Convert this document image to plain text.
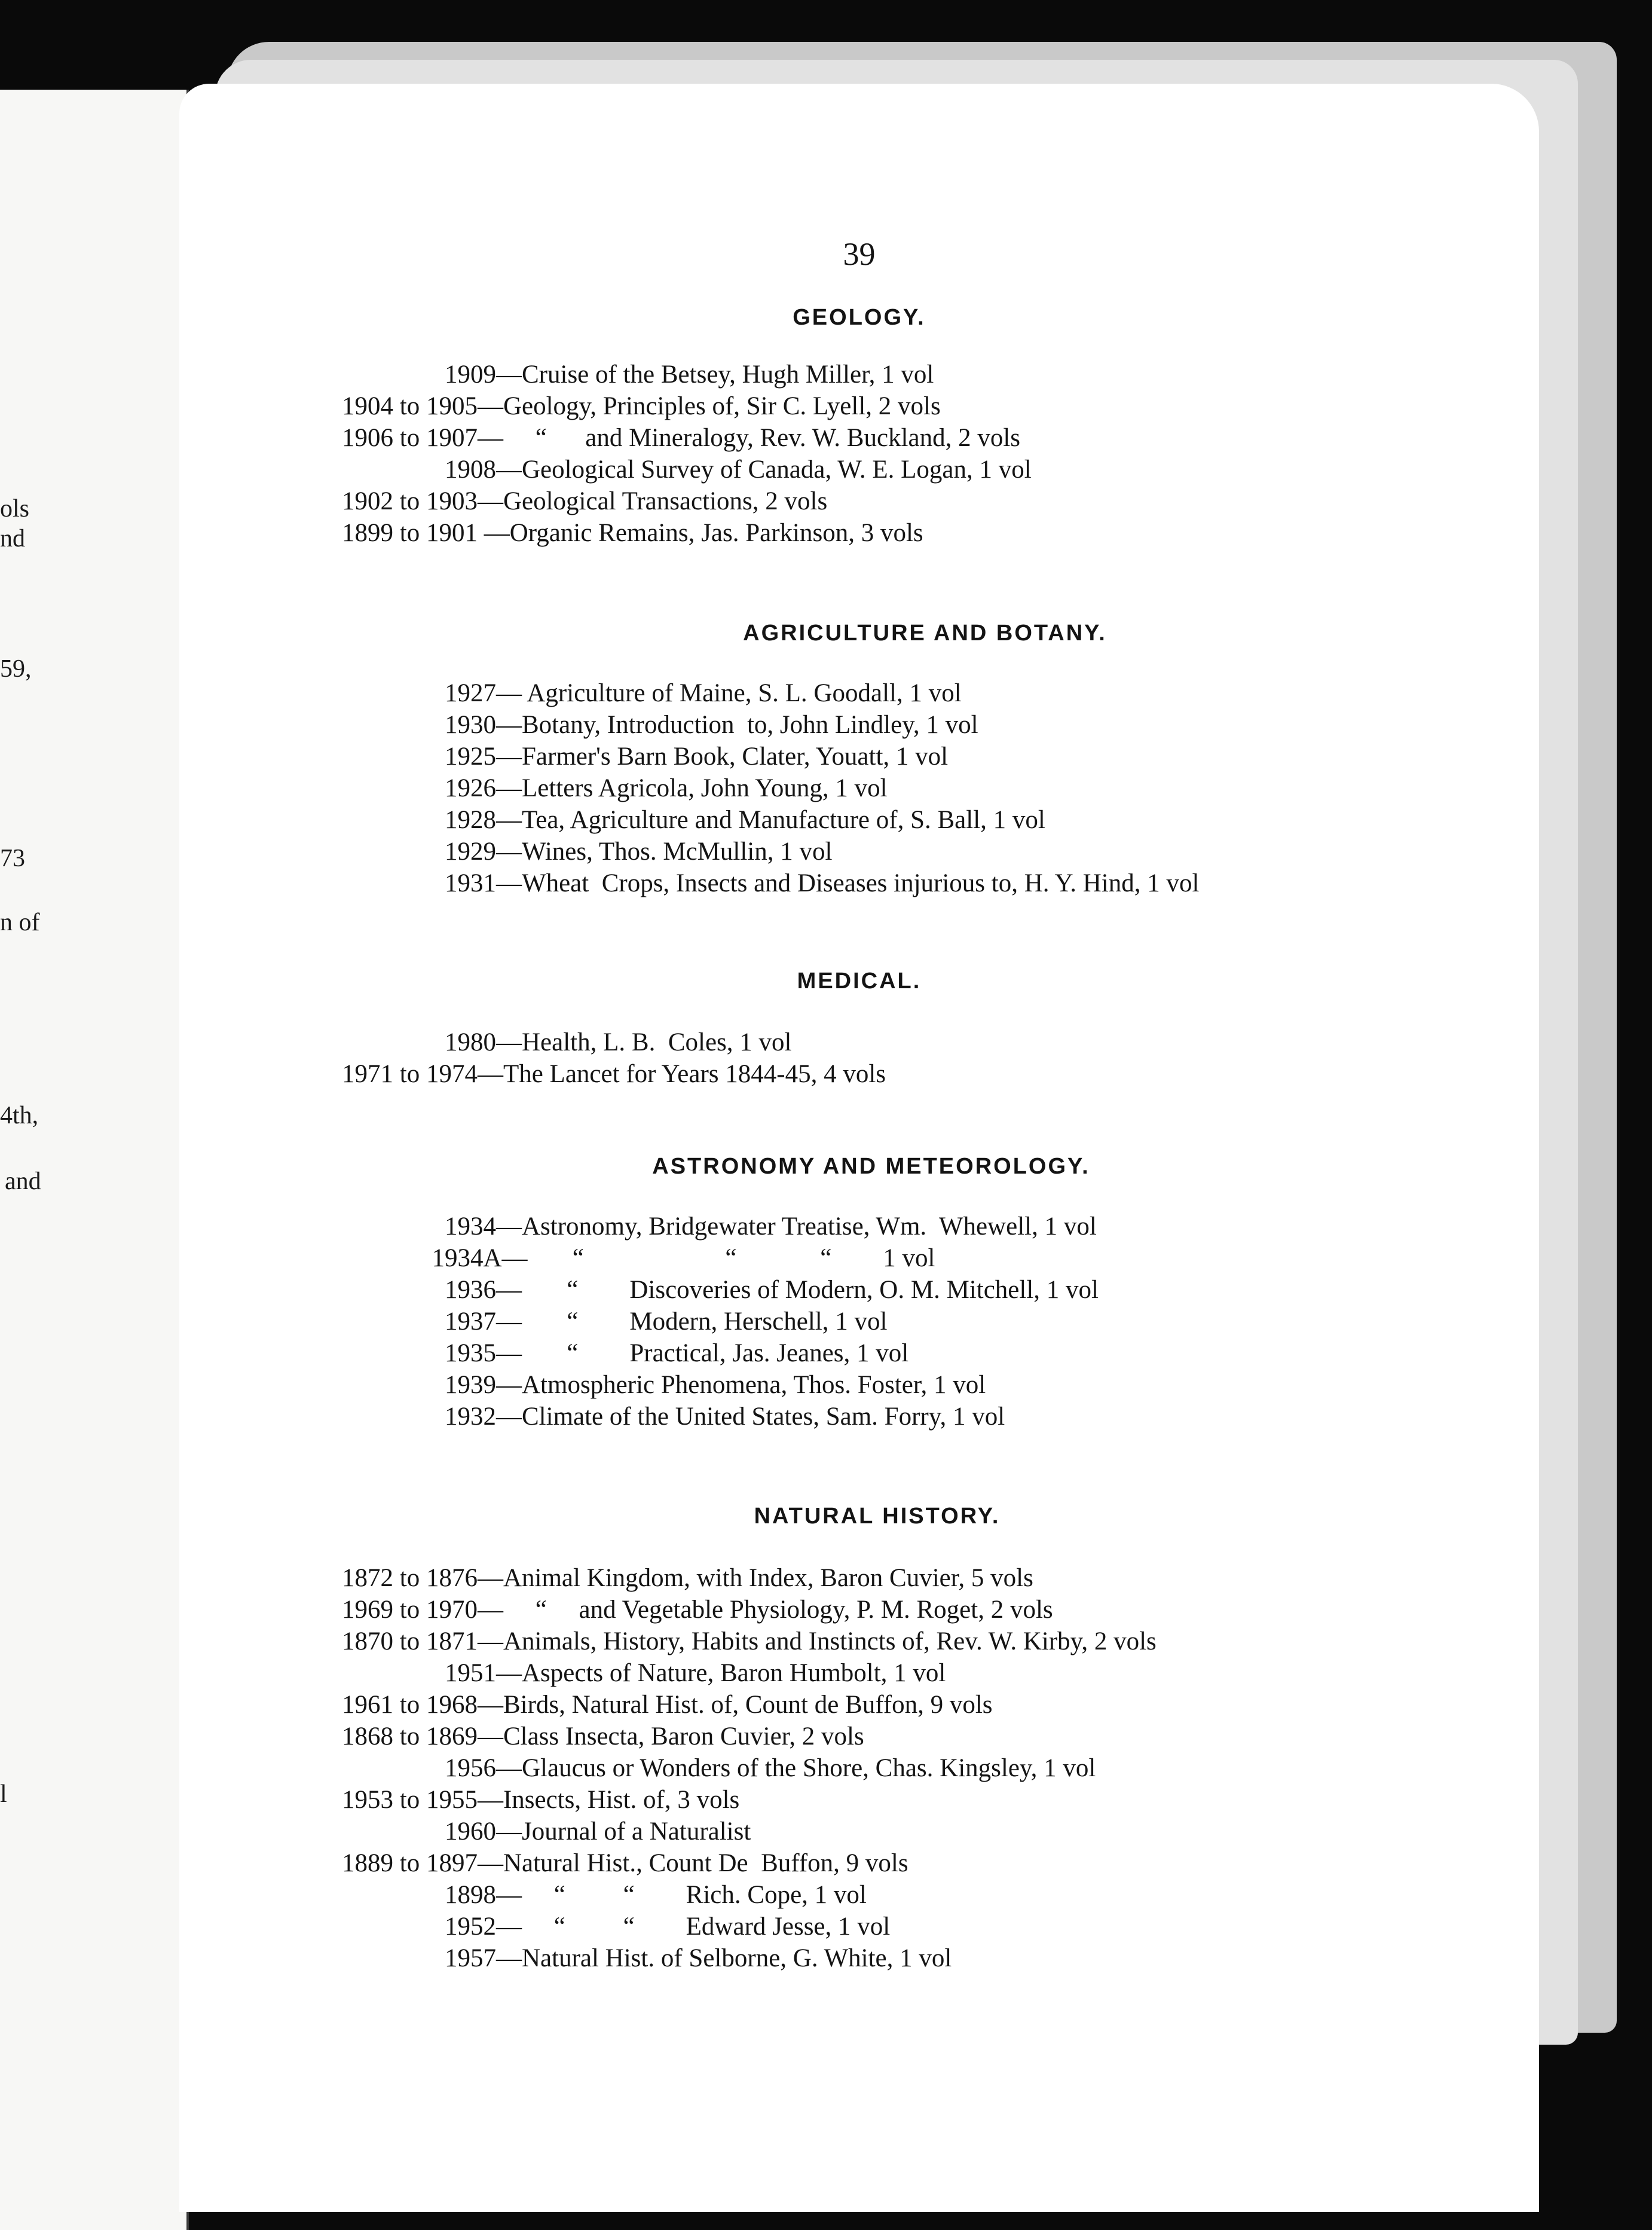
ols
nd
59,
73
n of
4th,
and
l
39
GEOLOGY.
1909—Cruise of the Betsey, Hugh Miller, 1 vol
1904 to 1905—Geology, Principles of, Sir C. Lyell, 2 vols
1906 to 1907—     “      and Mineralogy, Rev. W. Buckland, 2 vols
1908—Geological Survey of Canada, W. E. Logan, 1 vol
1902 to 1903—Geological Transactions, 2 vols
1899 to 1901 —Organic Remains, Jas. Parkinson, 3 vols
AGRICULTURE AND BOTANY.
1927— Agriculture of Maine, S. L. Goodall, 1 vol
1930—Botany, Introduction  to, John Lindley, 1 vol
1925—Farmer's Barn Book, Clater, Youatt, 1 vol
1926—Letters Agricola, John Young, 1 vol
1928—Tea, Agriculture and Manufacture of, S. Ball, 1 vol
1929—Wines, Thos. McMullin, 1 vol
1931—Wheat  Crops, Insects and Diseases injurious to, H. Y. Hind, 1 vol
MEDICAL.
1980—Health, L. B.  Coles, 1 vol
1971 to 1974—The Lancet for Years 1844-45, 4 vols
ASTRONOMY AND METEOROLOGY.
1934—Astronomy, Bridgewater Treatise, Wm.  Whewell, 1 vol
1934A—       “                      “             “        1 vol
1936—       “        Discoveries of Modern, O. M. Mitchell, 1 vol
1937—       “        Modern, Herschell, 1 vol
1935—       “        Practical, Jas. Jeanes, 1 vol
1939—Atmospheric Phenomena, Thos. Foster, 1 vol
1932—Climate of the United States, Sam. Forry, 1 vol
NATURAL HISTORY.
1872 to 1876—Animal Kingdom, with Index, Baron Cuvier, 5 vols
1969 to 1970—     “     and Vegetable Physiology, P. M. Roget, 2 vols
1870 to 1871—Animals, History, Habits and Instincts of, Rev. W. Kirby, 2 vols
1951—Aspects of Nature, Baron Humbolt, 1 vol
1961 to 1968—Birds, Natural Hist. of, Count de Buffon, 9 vols
1868 to 1869—Class Insecta, Baron Cuvier, 2 vols
1956—Glaucus or Wonders of the Shore, Chas. Kingsley, 1 vol
1953 to 1955—Insects, Hist. of, 3 vols
1960—Journal of a Naturalist
1889 to 1897—Natural Hist., Count De  Buffon, 9 vols
1898—     “         “        Rich. Cope, 1 vol
1952—     “         “        Edward Jesse, 1 vol
1957—Natural Hist. of Selborne, G. White, 1 vol
